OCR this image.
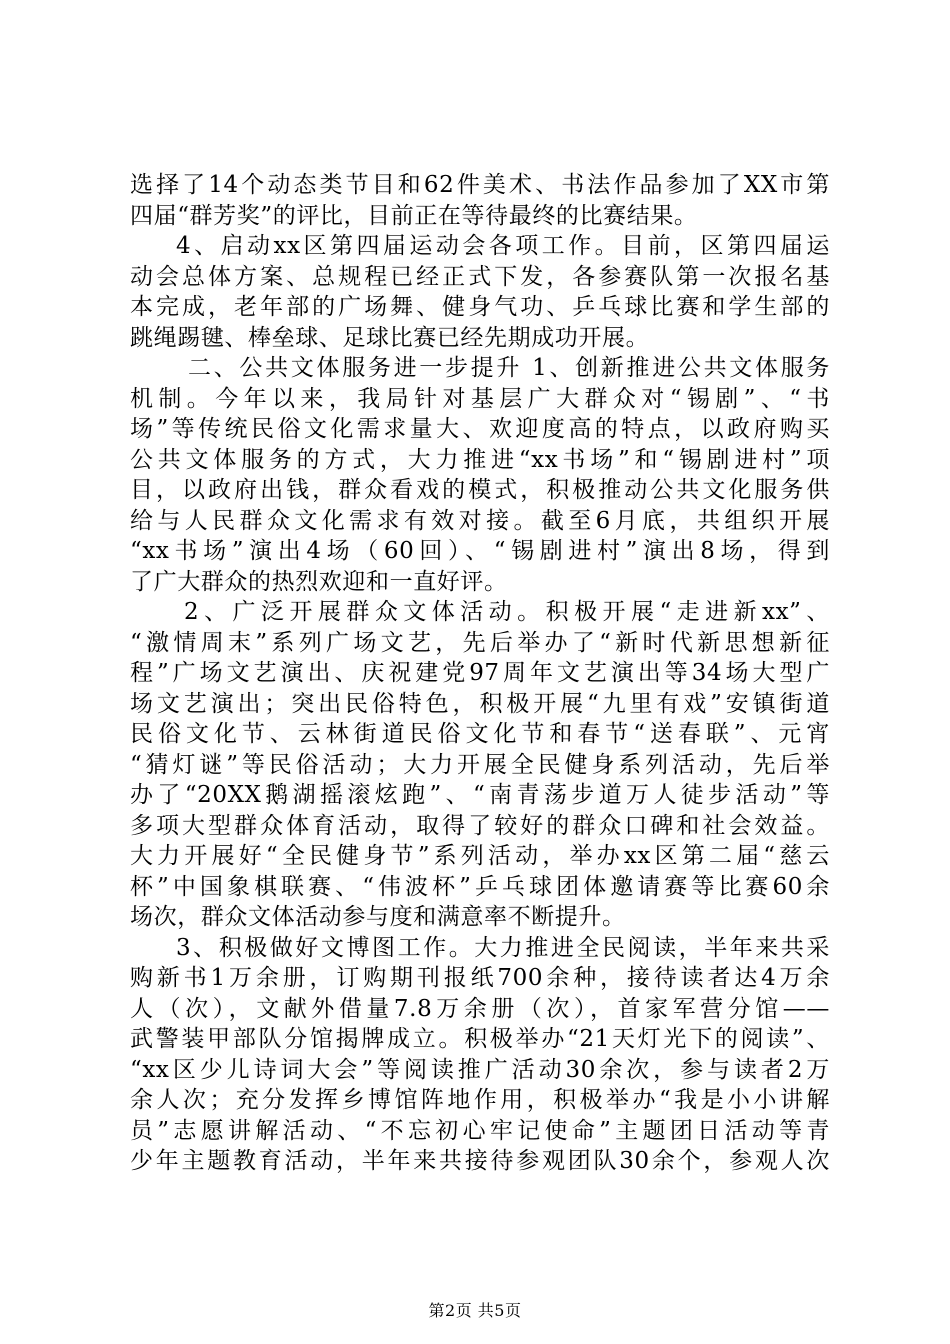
选择了14个动态类节目和62件美术、书法作品参加了XX市第
四届“群芳奖”的评比，目前正在等待最终的比赛结果。
4、启动xx区第四届运动会各项工作。目前，区第四届运
动会总体方案、总规程已经正式下发，各参赛队第一次报名基
本完成，老年部的广场舞、健身气功、乒乓球比赛和学生部的
跳绳踢毽、棒垒球、足球比赛已经先期成功开展。
二、公共文体服务进一步提升 1、创新推进公共文体服务
机制。今年以来，我局针对基层广大群众对“锡剧”、“书
场”等传统民俗文化需求量大、欢迎度高的特点，以政府购买
公共文体服务的方式，大力推进“xx书场”和“锡剧进村”项
目，以政府出钱，群众看戏的模式，积极推动公共文化服务供
给与人民群众文化需求有效对接。截至6月底，共组织开展
“xx书场”演出4场（60回）、“锡剧进村”演出8场，得到
了广大群众的热烈欢迎和一直好评。
2、广泛开展群众文体活动。积极开展“走进新xx”、
“激情周末”系列广场文艺，先后举办了“新时代新思想新征
程”广场文艺演出、庆祝建党97周年文艺演出等34场大型广
场文艺演出；突出民俗特色，积极开展“九里有戏”安镇街道
民俗文化节、云林街道民俗文化节和春节“送春联”、元宵
“猜灯谜”等民俗活动；大力开展全民健身系列活动，先后举
办了“20XX鹅湖摇滚炫跑”、“南青荡步道万人徒步活动”等
多项大型群众体育活动，取得了较好的群众口碑和社会效益。
大力开展好“全民健身节”系列活动，举办xx区第二届“慈云
杯”中国象棋联赛、“伟波杯”乒乓球团体邀请赛等比赛60余
场次，群众文体活动参与度和满意率不断提升。
3、积极做好文博图工作。大力推进全民阅读，半年来共采
购新书1万余册，订购期刊报纸700余种，接待读者达4万余
人（次），文献外借量7.8万余册（次），首家军营分馆——
武警装甲部队分馆揭牌成立。积极举办“21天灯光下的阅读”、
“xx区少儿诗词大会”等阅读推广活动30余次，参与读者2万
余人次；充分发挥乡博馆阵地作用，积极举办“我是小小讲解
员”志愿讲解活动、“不忘初心牢记使命”主题团日活动等青
少年主题教育活动，半年来共接待参观团队30余个，参观人次
第2页 共5页
